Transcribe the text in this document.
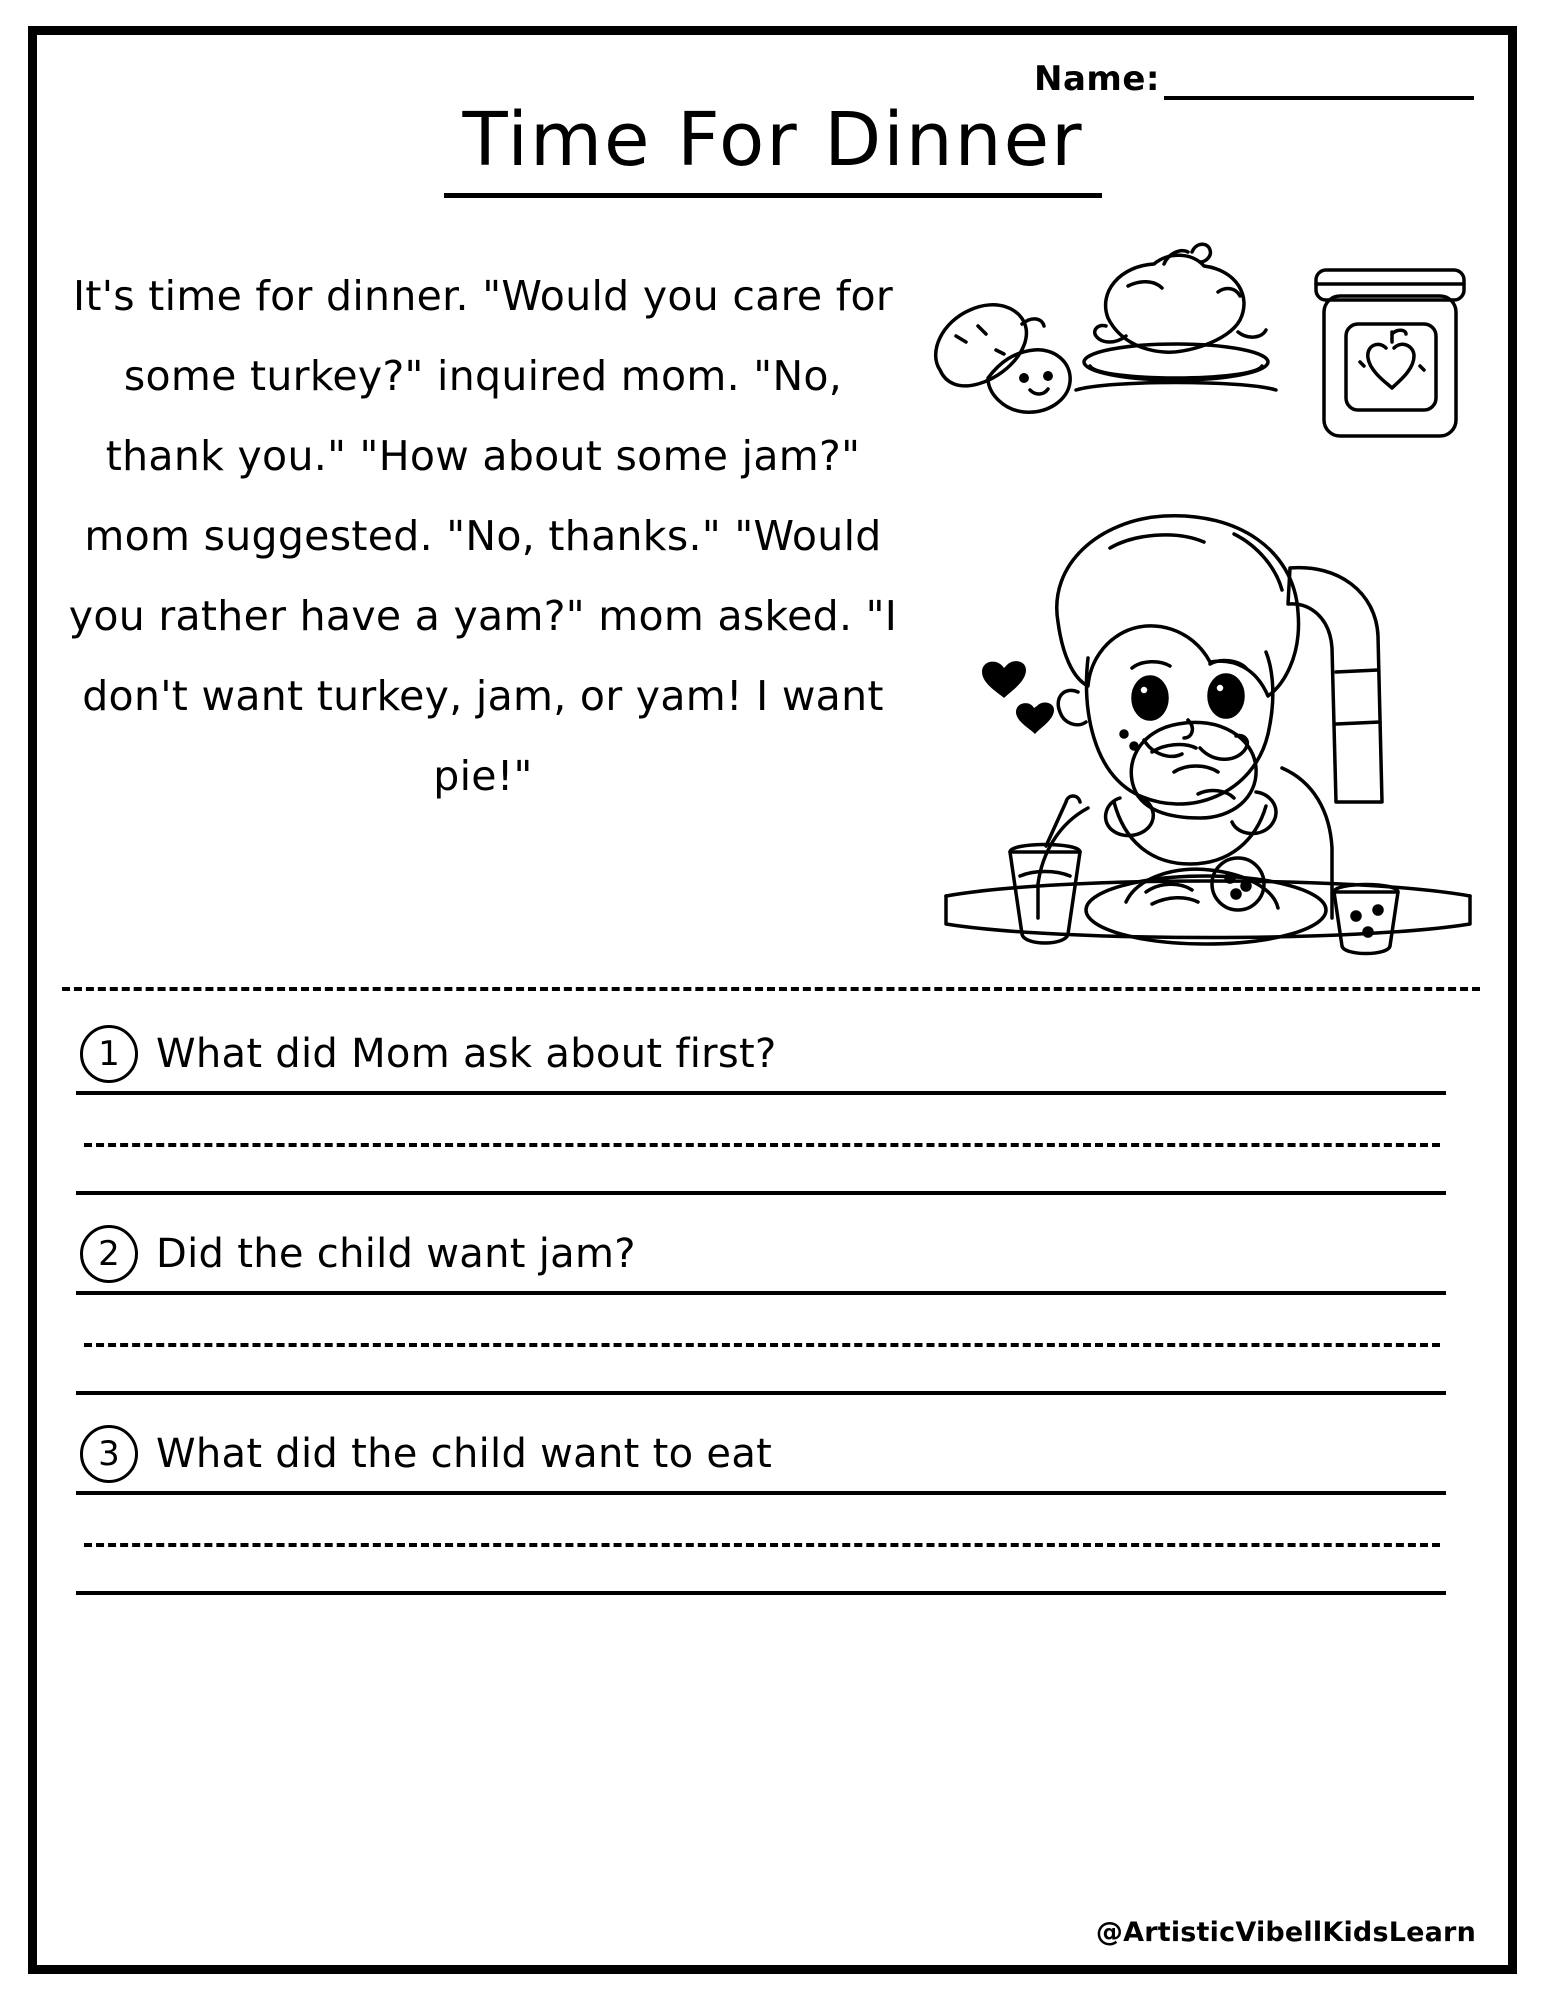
Name:
Time For Dinner

It's time for dinner. "Would you care for some turkey?" inquired mom. "No, thank you." "How about some jam?" mom suggested. "No, thanks." "Would you rather have a yam?" mom asked. "I don't want turkey, jam, or yam! I want pie!"

1 What did Mom ask about first?
2 Did the child want jam?
3 What did the child want to eat
@ArtisticVibellKidsLearn
